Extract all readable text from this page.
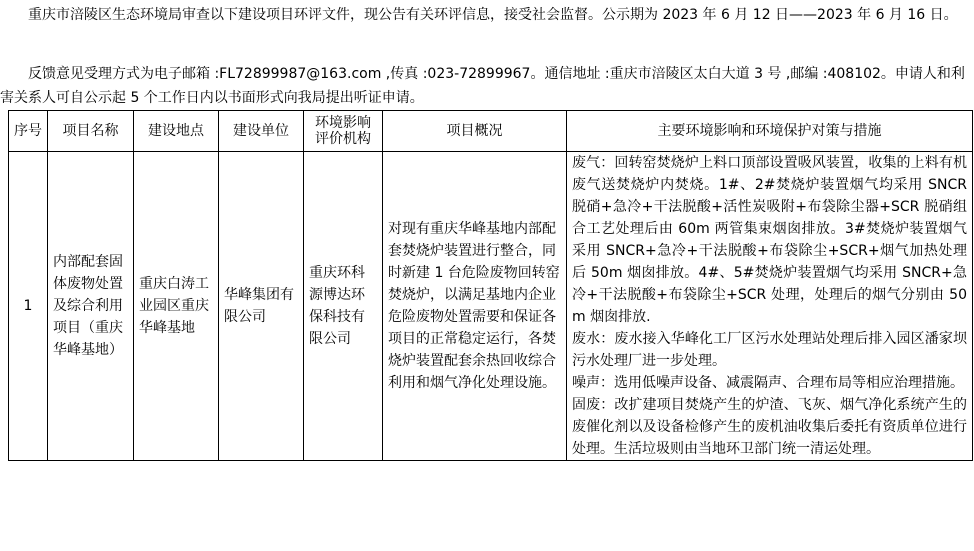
重庆市涪陵区生态环境局审查以下建设项目环评文件，现公告有关环评信息，接受社会监督。公示期为 2023 年 6 月 12 日——2023 年 6 月 16 日。

反馈意见受理方式为电子邮箱 :FL72899987@163.com ,传真 :023-72899967。通信地址 :重庆市涪陵区太白大道 3 号 ,邮编 :408102。申请人和利害关系人可自公示起 5 个工作日内以书面形式向我局提出听证申请。

序号	项目名称	建设地点	建设单位	环境影响评价机构	项目概况	主要环境影响和环境保护对策与措施
1	内部配套固体废物处置及综合利用项目（重庆华峰基地）	重庆白涛工业园区重庆华峰基地	华峰集团有限公司	重庆环科源博达环保科技有限公司	对现有重庆华峰基地内部配套焚烧炉装置进行整合，同时新建 1 台危险废物回转窑焚烧炉，以满足基地内企业危险废物处置需要和保证各项目的正常稳定运行，各焚烧炉装置配套余热回收综合利用和烟气净化处理设施。	废气：回转窑焚烧炉上料口顶部设置吸风装置，收集的上料有机废气送焚烧炉内焚烧。1#、2#焚烧炉装置烟气均采用 SNCR 脱硝+急冷+干法脱酸+活性炭吸附+布袋除尘器+SCR 脱硝组合工艺处理后由 60m 两管集束烟囱排放。3#焚烧炉装置烟气采用 SNCR+急冷+干法脱酸+布袋除尘+SCR+烟气加热处理后 50m 烟囱排放。4#、5#焚烧炉装置烟气均采用 SNCR+急冷+干法脱酸+布袋除尘+SCR 处理，处理后的烟气分别由 50m 烟囱排放.
废水：废水接入华峰化工厂区污水处理站处理后排入园区潘家坝污水处理厂进一步处理。
噪声：选用低噪声设备、减震隔声、合理布局等相应治理措施。
固废：改扩建项目焚烧产生的炉渣、飞灰、烟气净化系统产生的废催化剂以及设备检修产生的废机油收集后委托有资质单位进行处理。生活垃圾则由当地环卫部门统一清运处理。
